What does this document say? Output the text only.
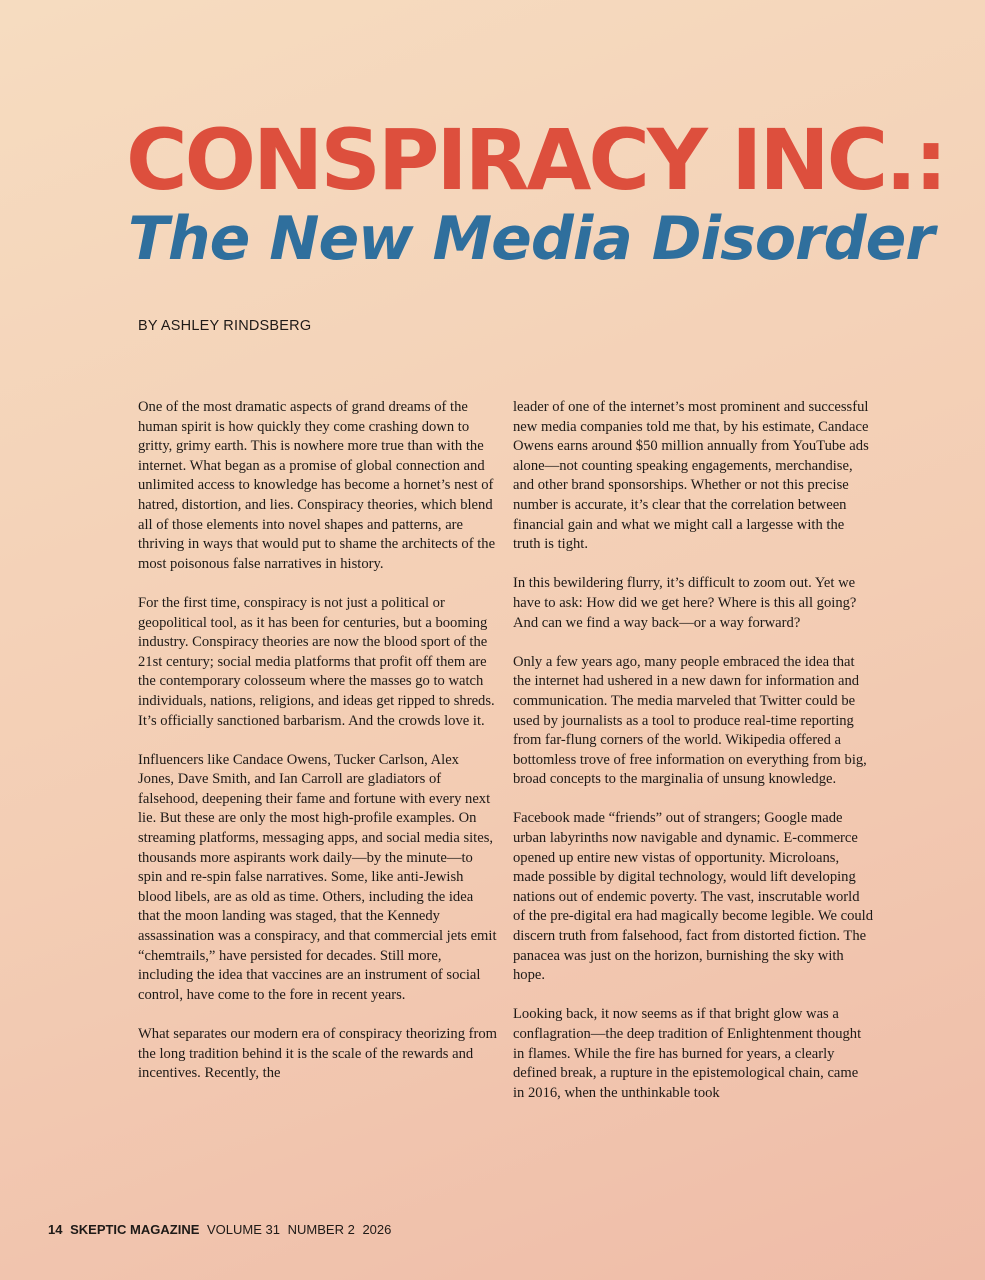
CONSPIRACY INC.:
The New Media Disorder
BY ASHLEY RINDSBERG

One of the most dramatic aspects of grand dreams of the human spirit is how quickly they come crashing down to gritty, grimy earth. This is nowhere more true than with the internet. What began as a promise of global connection and unlimited access to knowledge has become a hornet’s nest of hatred, distortion, and lies. Conspiracy theories, which blend all of those elements into novel shapes and patterns, are thriving in ways that would put to shame the architects of the most poisonous false narratives in history.

For the first time, conspiracy is not just a political or geopolitical tool, as it has been for centuries, but a booming industry. Conspiracy theories are now the blood sport of the 21st century; social media platforms that profit off them are the contemporary colosseum where the masses go to watch individuals, nations, religions, and ideas get ripped to shreds. It’s officially sanctioned barbarism. And the crowds love it.

Influencers like Candace Owens, Tucker Carlson, Alex Jones, Dave Smith, and Ian Carroll are gladiators of falsehood, deepening their fame and fortune with every next lie. But these are only the most high-profile examples. On streaming platforms, messaging apps, and social media sites, thousands more aspirants work daily—by the minute—to spin and re-spin false narratives. Some, like anti-Jewish blood libels, are as old as time. Others, including the idea that the moon landing was staged, that the Kennedy assassination was a conspiracy, and that commercial jets emit “chemtrails,” have persisted for decades. Still more, including the idea that vaccines are an instrument of social control, have come to the fore in recent years.

What separates our modern era of conspiracy theorizing from the long tradition behind it is the scale of the rewards and incentives. Recently, the

leader of one of the internet’s most prominent and successful new media companies told me that, by his estimate, Candace Owens earns around $50 million annually from YouTube ads alone—not counting speaking engagements, merchandise, and other brand sponsorships. Whether or not this precise number is accurate, it’s clear that the correlation between financial gain and what we might call a largesse with the truth is tight.

In this bewildering flurry, it’s difficult to zoom out. Yet we have to ask: How did we get here? Where is this all going? And can we find a way back—or a way forward?

Only a few years ago, many people embraced the idea that the internet had ushered in a new dawn for information and communication. The media marveled that Twitter could be used by journalists as a tool to produce real-time reporting from far-flung corners of the world. Wikipedia offered a bottomless trove of free information on everything from big, broad concepts to the marginalia of unsung knowledge.

Facebook made “friends” out of strangers; Google made urban labyrinths now navigable and dynamic. E-commerce opened up entire new vistas of opportunity. Microloans, made possible by digital technology, would lift developing nations out of endemic poverty. The vast, inscrutable world of the pre-digital era had magically become legible. We could discern truth from falsehood, fact from distorted fiction. The panacea was just on the horizon, burnishing the sky with hope.

Looking back, it now seems as if that bright glow was a conflagration—the deep tradition of Enlightenment thought in flames. While the fire has burned for years, a clearly defined break, a rupture in the epistemological chain, came in 2016, when the unthinkable took

14 SKEPTIC MAGAZINE VOLUME 31 NUMBER 2 2026
